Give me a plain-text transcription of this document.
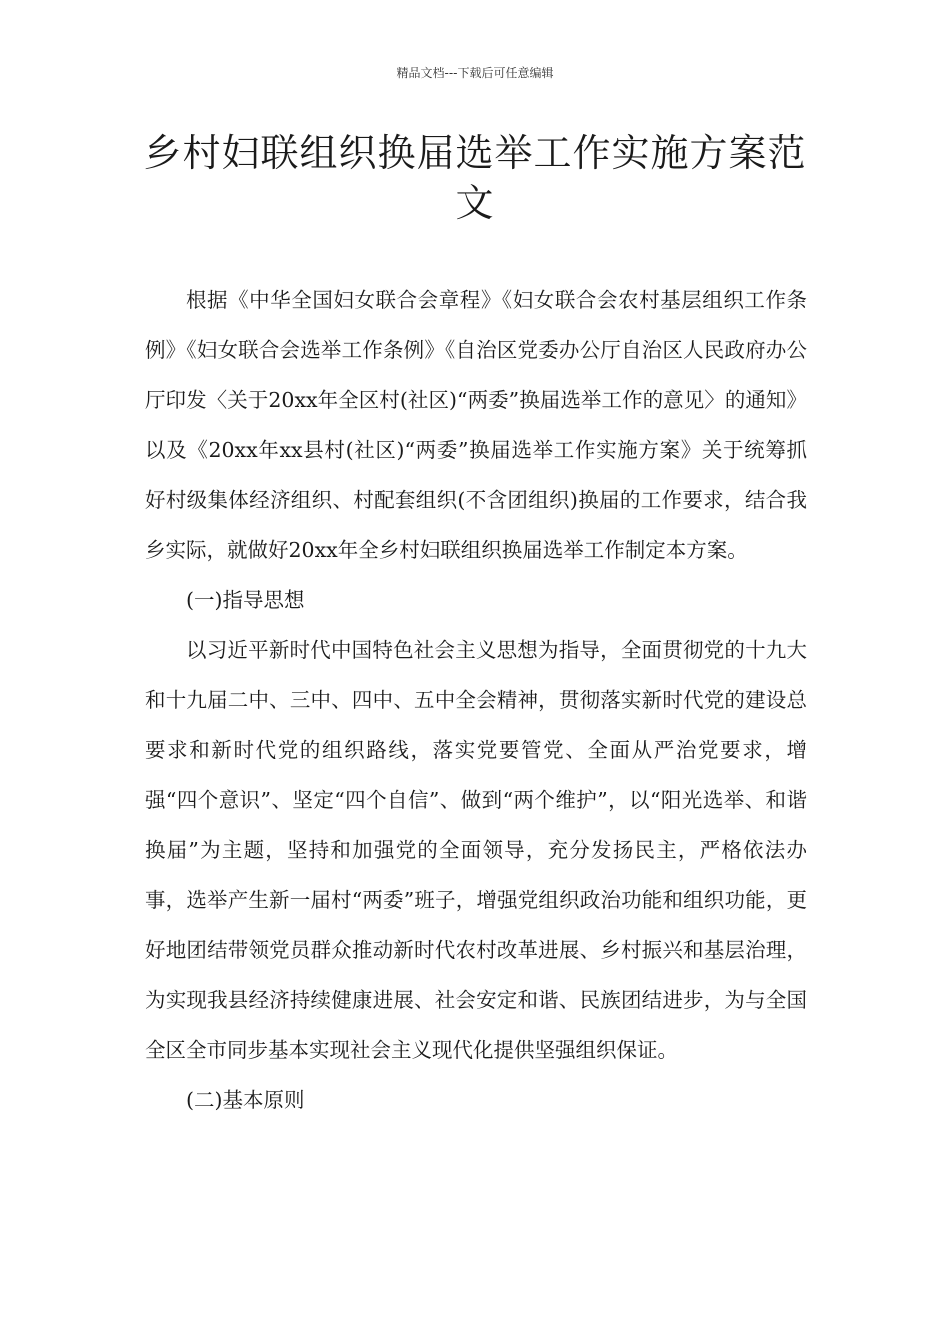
精品文档---下载后可任意编辑
乡村妇联组织换届选举工作实施方案范文

根据《中华全国妇女联合会章程》《妇女联合会农村基层组织工作条例》《妇女联合会选举工作条例》《自治区党委办公厅自治区人民政府办公厅印发〈关于20xx年全区村(社区)“两委”换届选举工作的意见〉的通知》以及《20xx年xx县村(社区)“两委”换届选举工作实施方案》关于统筹抓好村级集体经济组织、村配套组织(不含团组织)换届的工作要求，结合我乡实际，就做好20xx年全乡村妇联组织换届选举工作制定本方案。

(一)指导思想

以习近平新时代中国特色社会主义思想为指导，全面贯彻党的十九大和十九届二中、三中、四中、五中全会精神，贯彻落实新时代党的建设总要求和新时代党的组织路线，落实党要管党、全面从严治党要求，增强“四个意识”、坚定“四个自信”、做到“两个维护”，以“阳光选举、和谐换届”为主题，坚持和加强党的全面领导，充分发扬民主，严格依法办事，选举产生新一届村“两委”班子，增强党组织政治功能和组织功能，更好地团结带领党员群众推动新时代农村改革进展、乡村振兴和基层治理，为实现我县经济持续健康进展、社会安定和谐、民族团结进步，为与全国全区全市同步基本实现社会主义现代化提供坚强组织保证。

(二)基本原则
